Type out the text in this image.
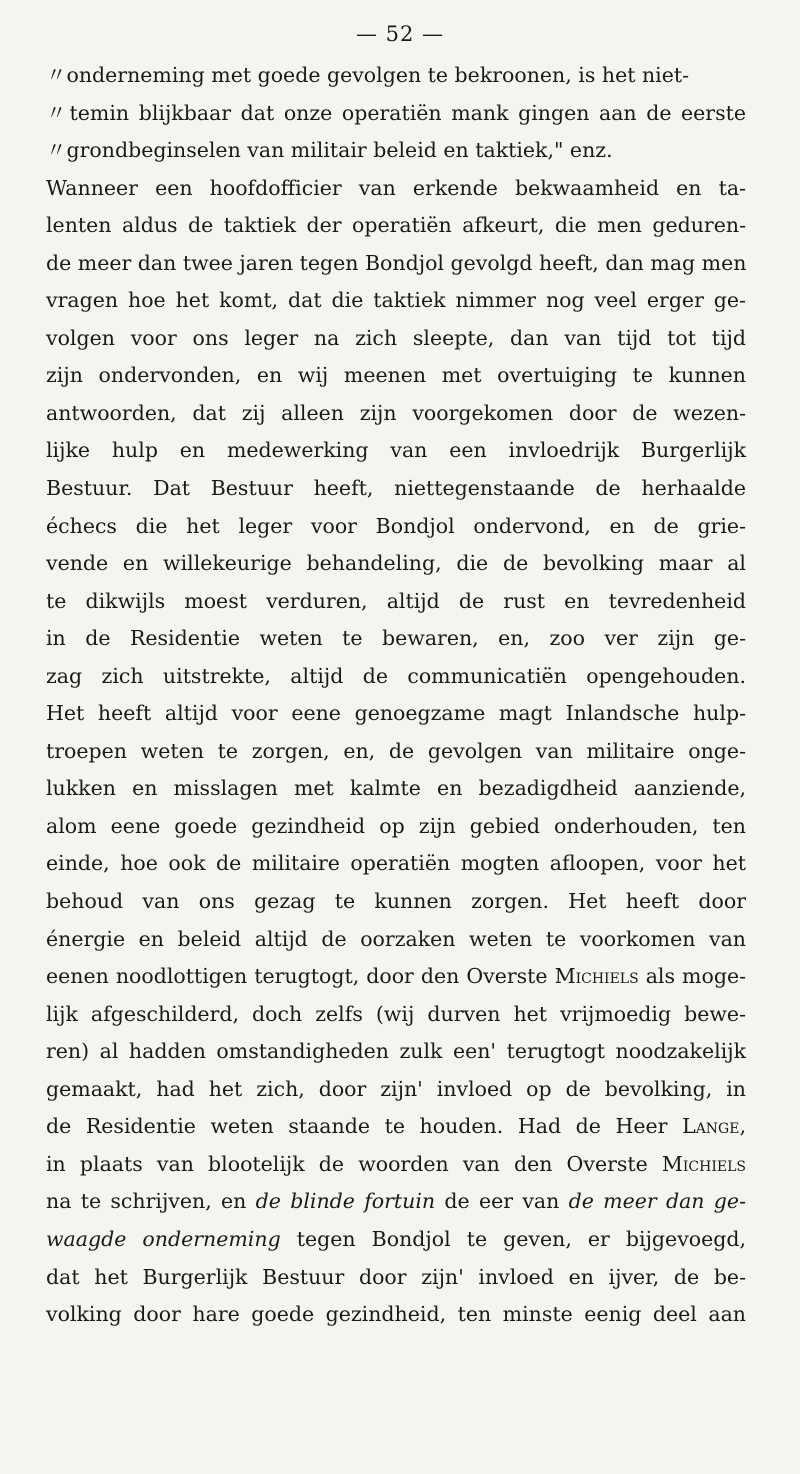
— 52 —
〃onderneming met goede gevolgen te bekroonen, is het niet-
〃temin blijkbaar dat onze operatiën mank gingen aan de eerste
〃grondbeginselen van militair beleid en taktiek," enz.
Wanneer een hoofdofficier van erkende bekwaamheid en ta-
lenten aldus de taktiek der operatiën afkeurt, die men geduren-
de meer dan twee jaren tegen Bondjol gevolgd heeft, dan mag men
vragen hoe het komt, dat die taktiek nimmer nog veel erger ge-
volgen voor ons leger na zich sleepte, dan van tijd tot tijd
zijn ondervonden, en wij meenen met overtuiging te kunnen
antwoorden, dat zij alleen zijn voorgekomen door de wezen-
lijke hulp en medewerking van een invloedrijk Burgerlijk
Bestuur. Dat Bestuur heeft, niettegenstaande de herhaalde
échecs die het leger voor Bondjol ondervond, en de grie-
vende en willekeurige behandeling, die de bevolking maar al
te dikwijls moest verduren, altijd de rust en tevredenheid
in de Residentie weten te bewaren, en, zoo ver zijn ge-
zag zich uitstrekte, altijd de communicatiën opengehouden.
Het heeft altijd voor eene genoegzame magt Inlandsche hulp-
troepen weten te zorgen, en, de gevolgen van militaire onge-
lukken en misslagen met kalmte en bezadigdheid aanziende,
alom eene goede gezindheid op zijn gebied onderhouden, ten
einde, hoe ook de militaire operatiën mogten afloopen, voor het
behoud van ons gezag te kunnen zorgen. Het heeft door
énergie en beleid altijd de oorzaken weten te voorkomen van
eenen noodlottigen terugtogt, door den Overste Michiels als moge-
lijk afgeschilderd, doch zelfs (wij durven het vrijmoedig bewe-
ren) al hadden omstandigheden zulk een' terugtogt noodzakelijk
gemaakt, had het zich, door zijn' invloed op de bevolking, in
de Residentie weten staande te houden. Had de Heer Lange,
in plaats van blootelijk de woorden van den Overste Michiels
na te schrijven, en de blinde fortuin de eer van de meer dan ge-
waagde onderneming tegen Bondjol te geven, er bijgevoegd,
dat het Burgerlijk Bestuur door zijn' invloed en ijver, de be-
volking door hare goede gezindheid, ten minste eenig deel aan
